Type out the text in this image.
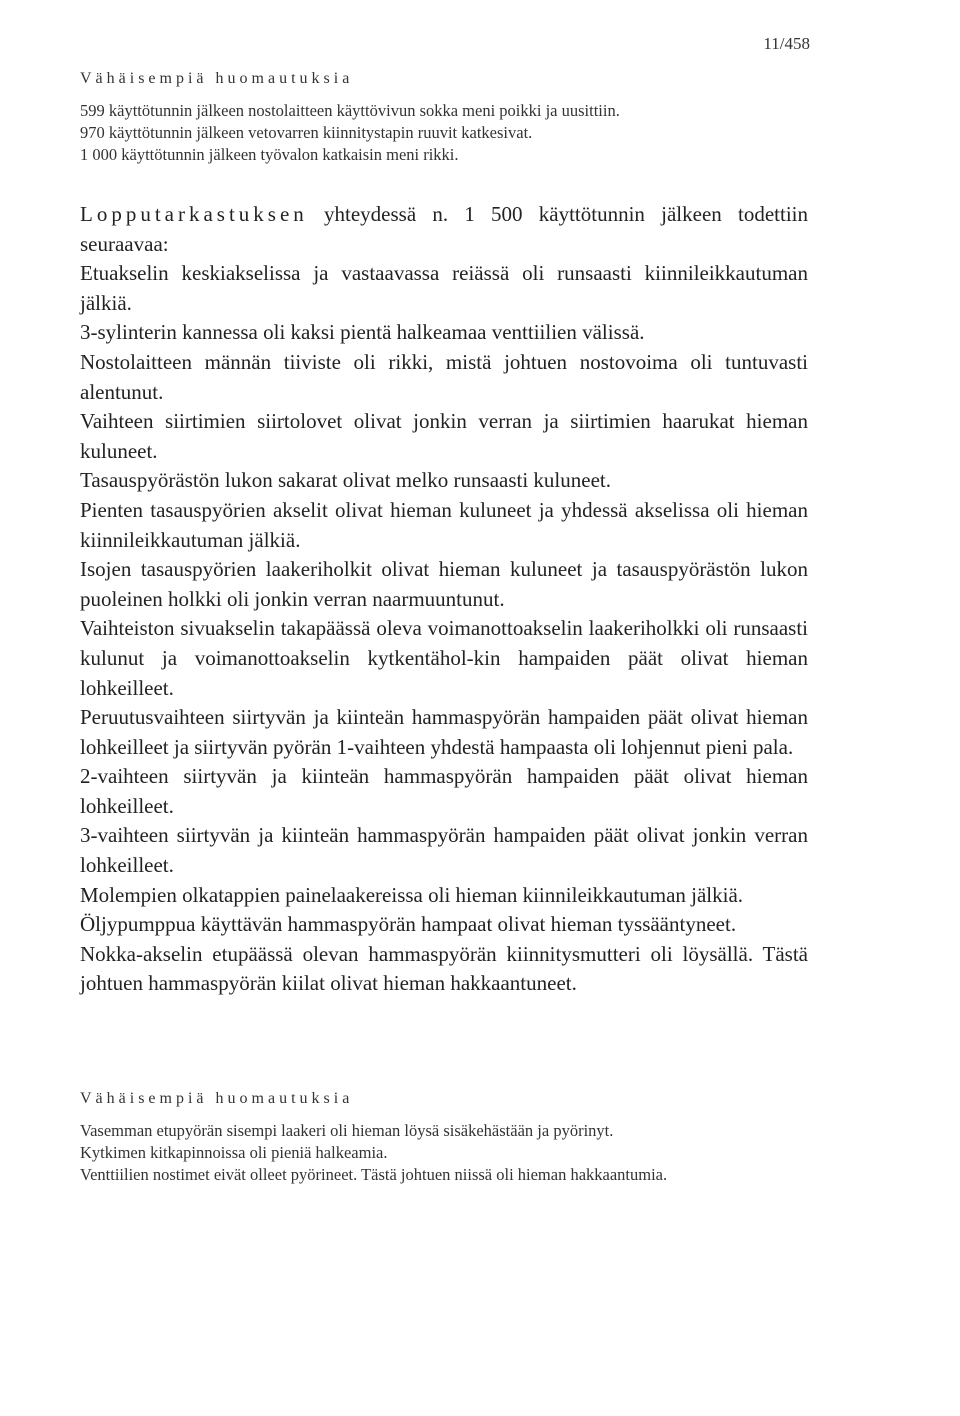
11/458
Vähäisempiä huomautuksia

599 käyttötunnin jälkeen nostolaitteen käyttövivun sokka meni poikki ja uusittiin.

970 käyttötunnin jälkeen vetovarren kiinnitystapin ruuvit katkesivat.

1 000 käyttötunnin jälkeen työvalon katkaisin meni rikki.

Lopputarkastuksen yhteydessä n. 1 500 käyttötunnin jälkeen todettiin seuraavaa:

Etuakselin keskiakselissa ja vastaavassa reiässä oli runsaasti kiinnileikkautuman jälkiä.

3-sylinterin kannessa oli kaksi pientä halkeamaa venttiilien välissä.

Nostolaitteen männän tiiviste oli rikki, mistä johtuen nostovoima oli tuntuvasti alentunut.

Vaihteen siirtimien siirtolovet olivat jonkin verran ja siirtimien haarukat hieman kuluneet.

Tasauspyörästön lukon sakarat olivat melko runsaasti kuluneet.

Pienten tasauspyörien akselit olivat hieman kuluneet ja yhdessä akselissa oli hieman kiinnileikkautuman jälkiä.

Isojen tasauspyörien laakeriholkit olivat hieman kuluneet ja tasauspyörästön lukon puoleinen holkki oli jonkin verran naarmuuntunut.

Vaihteiston sivuakselin takapäässä oleva voimanottoakselin laakeriholkki oli runsaasti kulunut ja voimanottoakselin kytkentähol-kin hampaiden päät olivat hieman lohkeilleet.

Peruutusvaihteen siirtyvän ja kiinteän hammaspyörän hampaiden päät olivat hieman lohkeilleet ja siirtyvän pyörän 1-vaihteen yhdestä hampaasta oli lohjennut pieni pala.

2-vaihteen siirtyvän ja kiinteän hammaspyörän hampaiden päät olivat hieman lohkeilleet.

3-vaihteen siirtyvän ja kiinteän hammaspyörän hampaiden päät olivat jonkin verran lohkeilleet.

Molempien olkatappien painelaakereissa oli hieman kiinnileikkautuman jälkiä.

Öljypumppua käyttävän hammaspyörän hampaat olivat hieman tyssääntyneet.

Nokka-akselin etupäässä olevan hammaspyörän kiinnitysmutteri oli löysällä. Tästä johtuen hammaspyörän kiilat olivat hieman hakkaantuneet.

Vähäisempiä huomautuksia

Vasemman etupyörän sisempi laakeri oli hieman löysä sisäkehästään ja pyörinyt.

Kytkimen kitkapinnoissa oli pieniä halkeamia.

Venttiilien nostimet eivät olleet pyörineet. Tästä johtuen niissä oli hieman hakkaantumia.
